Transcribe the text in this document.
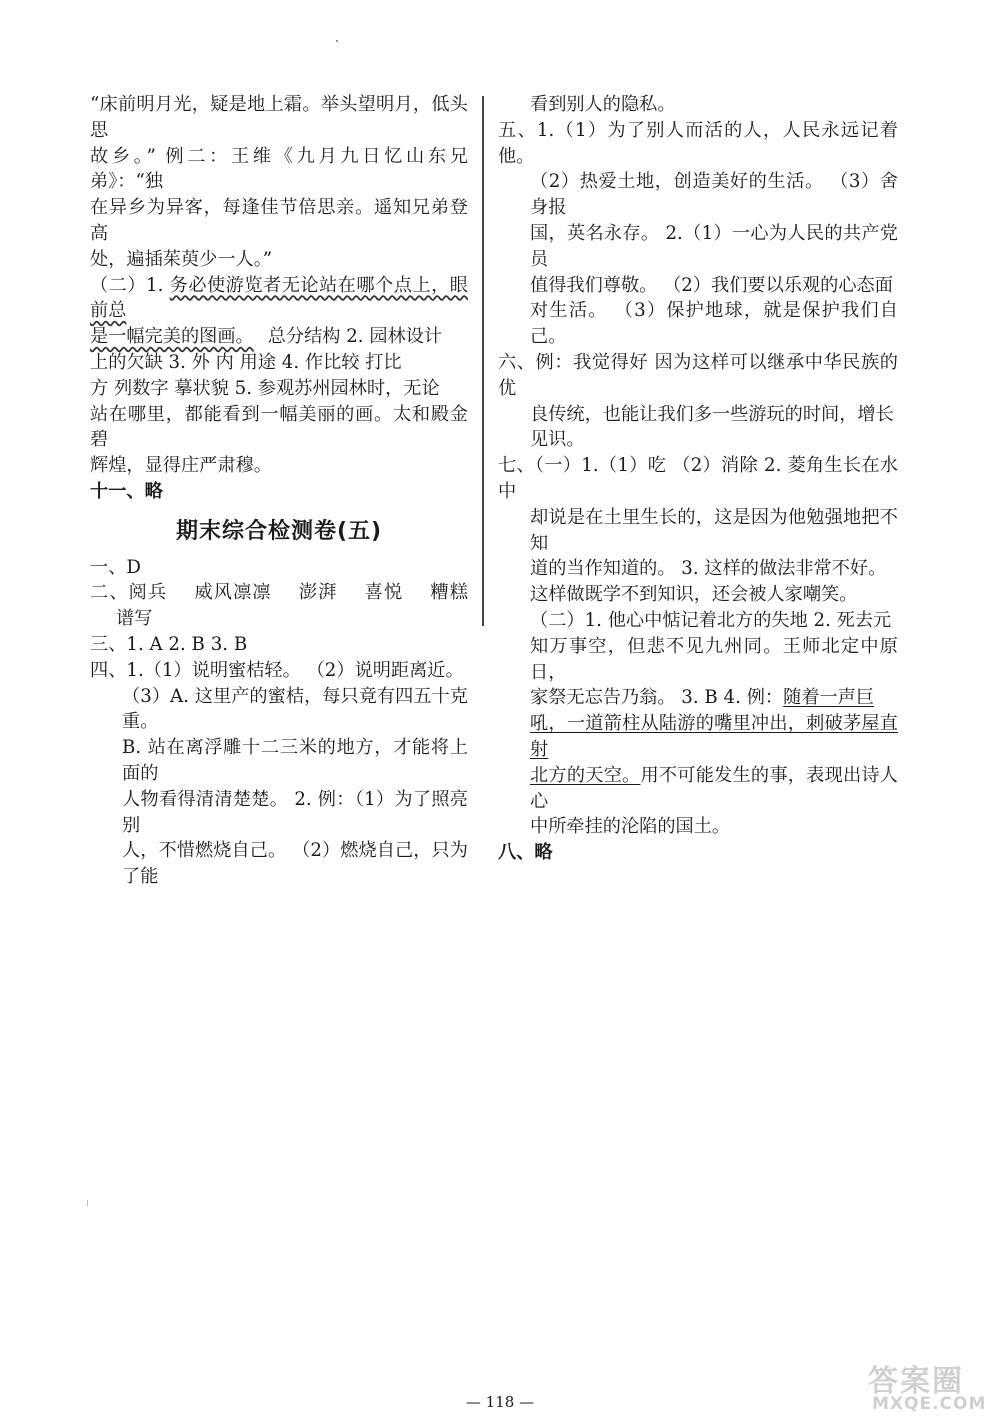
“床前明月光，疑是地上霜。举头望明月，低头思

故乡。” 例二：王维《九月九日忆山东兄弟》：“独

在异乡为异客，每逢佳节倍思亲。遥知兄弟登高

处，遍插茱萸少一人。”

（二）1. 务必使游览者无论站在哪个点上，眼前总

是一幅完美的图画。 总分结构 2. 园林设计

上的欠缺 3. 外 内 用途 4. 作比较 打比

方 列数字 摹状貌 5. 参观苏州园林时，无论

站在哪里，都能看到一幅美丽的画。太和殿金碧

辉煌，显得庄严肃穆。

十一、略

期末综合检测卷(五)

一、D

二、阅兵 威风凛凛 澎湃 喜悦 糟糕谱写

三、1. A 2. B 3. B

四、1.（1）说明蜜桔轻。 （2）说明距离近。

（3）A. 这里产的蜜桔，每只竟有四五十克重。

B. 站在离浮雕十二三米的地方，才能将上面的

人物看得清清楚楚。 2. 例：（1）为了照亮别

人，不惜燃烧自己。 （2）燃烧自己，只为了能

看到别人的隐私。

五、1.（1）为了别人而活的人，人民永远记着他。

（2）热爱土地，创造美好的生活。 （3）舍身报

国，英名永存。 2.（1）一心为人民的共产党员

值得我们尊敬。 （2）我们要以乐观的心态面

对生活。 （3）保护地球，就是保护我们自己。

六、例：我觉得好 因为这样可以继承中华民族的优

良传统，也能让我们多一些游玩的时间，增长

见识。

七、（一）1.（1）吃 （2）消除 2. 菱角生长在水中

却说是在土里生长的，这是因为他勉强地把不知

道的当作知道的。 3. 这样的做法非常不好。

这样做既学不到知识，还会被人家嘲笑。

（二）1. 他心中惦记着北方的失地 2. 死去元

知万事空，但悲不见九州同。王师北定中原日，

家祭无忘告乃翁。 3. B 4. 例：随着一声巨

吼，一道箭柱从陆游的嘴里冲出，刺破茅屋直射

北方的天空。用不可能发生的事，表现出诗人心

中所牵挂的沦陷的国土。

八、略

— 118 —
答案圈
MXQE.COM
